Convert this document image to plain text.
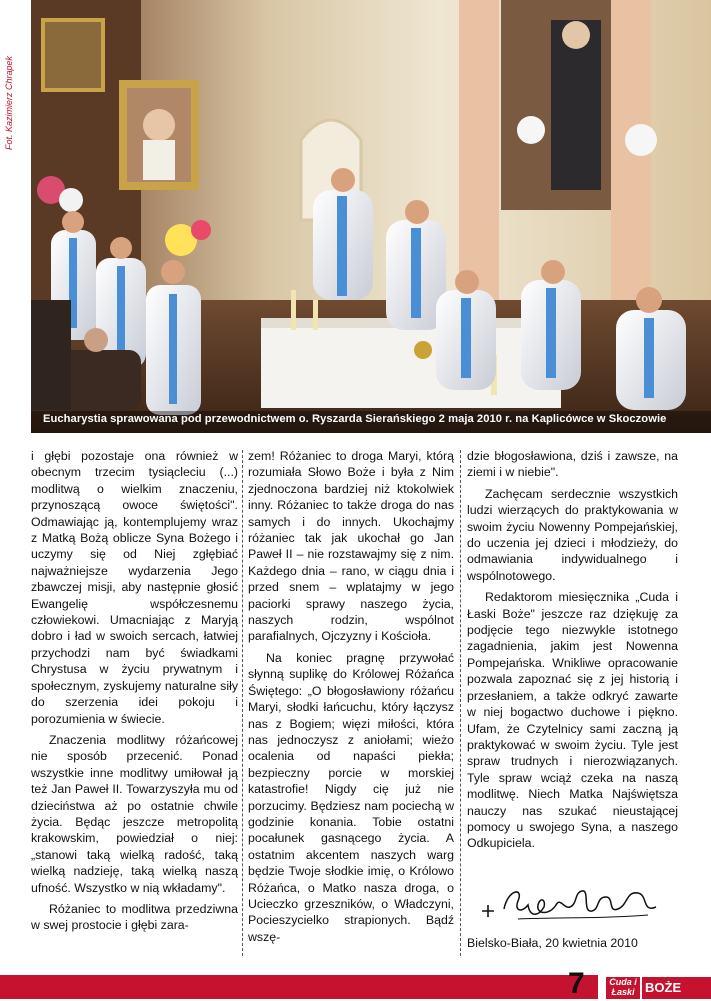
Fot. Kazimierz Chrapek
Eucharystia sprawowana pod przewodnictwem o. Ryszarda Sierańskiego 2 maja 2010 r. na Kaplicówce w Skoczowie

i głębi pozostaje ona również w obecnym trzecim tysiącleciu (...) modlitwą o wielkim znaczeniu, przynoszącą owoce świętości". Odmawiając ją, kontemplujemy wraz z Matką Bożą oblicze Syna Bożego i uczymy się od Niej zgłębiać najważniejsze wydarzenia Jego zbawczej misji, aby następnie głosić Ewangelię współczesnemu człowiekowi. Umacniając z Maryją dobro i ład w swoich sercach, łatwiej przychodzi nam być świadkami Chrystusa w życiu prywatnym i społecznym, zyskujemy naturalne siły do szerzenia idei pokoju i porozumienia w świecie.

Znaczenia modlitwy różańcowej nie sposób przecenić. Ponad wszystkie inne modlitwy umiłował ją też Jan Paweł II. Towarzyszyła mu od dzieciństwa aż po ostatnie chwile życia. Będąc jeszcze metropolitą krakowskim, powiedział o niej: „stanowi taką wielką radość, taką wielką nadzieję, taką wielką naszą ufność. Wszystko w nią wkładamy".

Różaniec to modlitwa przedziwna w swej prostocie i głębi zara-

zem! Różaniec to droga Maryi, którą rozumiała Słowo Boże i była z Nim zjednoczona bardziej niż ktokolwiek inny. Różaniec to także droga do nas samych i do innych. Ukochajmy różaniec tak jak ukochał go Jan Paweł II – nie rozstawajmy się z nim. Każdego dnia – rano, w ciągu dnia i przed snem – wplatajmy w jego paciorki sprawy naszego życia, naszych rodzin, wspólnot parafialnych, Ojczyzny i Kościoła.

Na koniec pragnę przywołać słynną suplikę do Królowej Różańca Świętego: „O błogosławiony różańcu Maryi, słodki łańcuchu, który łączysz nas z Bogiem; więzi miłości, która nas jednoczysz z aniołami; wieżo ocalenia od napaści piekła; bezpieczny porcie w morskiej katastrofie! Nigdy cię już nie porzucimy. Będziesz nam pociechą w godzinie konania. Tobie ostatni pocałunek gasnącego życia. A ostatnim akcentem naszych warg będzie Twoje słodkie imię, o Królowo Różańca, o Matko nasza droga, o Ucieczko grzeszników, o Władczyni, Pocieszycielko strapionych. Bądź wszę-

dzie błogosławiona, dziś i zawsze, na ziemi i w niebie".

Zachęcam serdecznie wszystkich ludzi wierzących do praktykowania w swoim życiu Nowenny Pompejańskiej, do uczenia jej dzieci i młodzieży, do odmawiania indywidualnego i wspólnotowego.

Redaktorom miesięcznika „Cuda i Łaski Boże" jeszcze raz dziękuję za podjęcie tego niezwykle istotnego zagadnienia, jakim jest Nowenna Pompejańska. Wnikliwe opracowanie pozwala zapoznać się z jej historią i przesłaniem, a także odkryć zawarte w niej bogactwo duchowe i piękno. Ufam, że Czytelnicy sami zaczną ją praktykować w swoim życiu. Tyle jest spraw trudnych i nierozwiązanych. Tyle spraw wciąż czeka na naszą modlitwę. Niech Matka Najświętsza nauczy nas szukać nieustającej pomocy u swojego Syna, a naszego Odkupiciela.

Bielsko-Biała, 20 kwietnia 2010
7	Cuda i Łaski BOŻE
